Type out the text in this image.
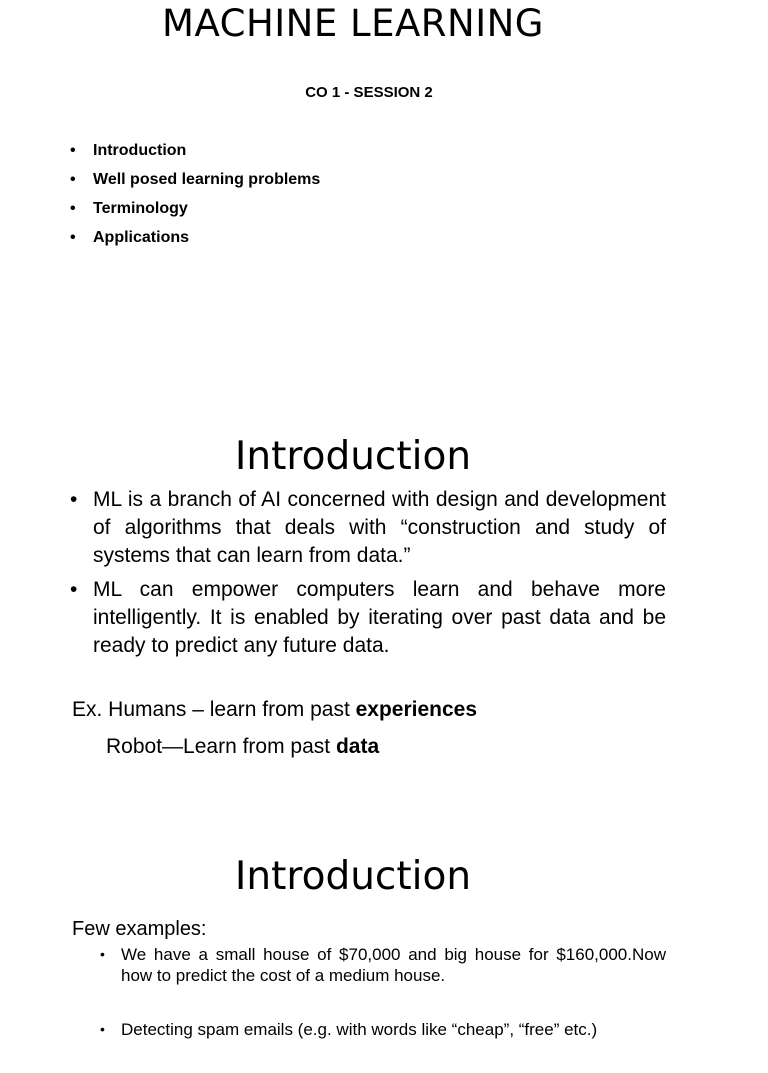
MACHINE LEARNING
CO 1 - SESSION 2
• Introduction
• Well posed learning problems
• Terminology
• Applications
Introduction
• ML is a branch of AI concerned with design and development of algorithms that deals with “construction and study of systems that can learn from data.”
• ML can empower computers learn and behave more intelligently. It is enabled by iterating over past data and be ready to predict any future data.
Ex. Humans – learn from past experiences
Robot—Learn from past data
Introduction
Few examples:
• We have a small house of $70,000 and big house for $160,000.Now how to predict the cost of a medium house.
• Detecting spam emails (e.g. with words like “cheap”, “free” etc.)
